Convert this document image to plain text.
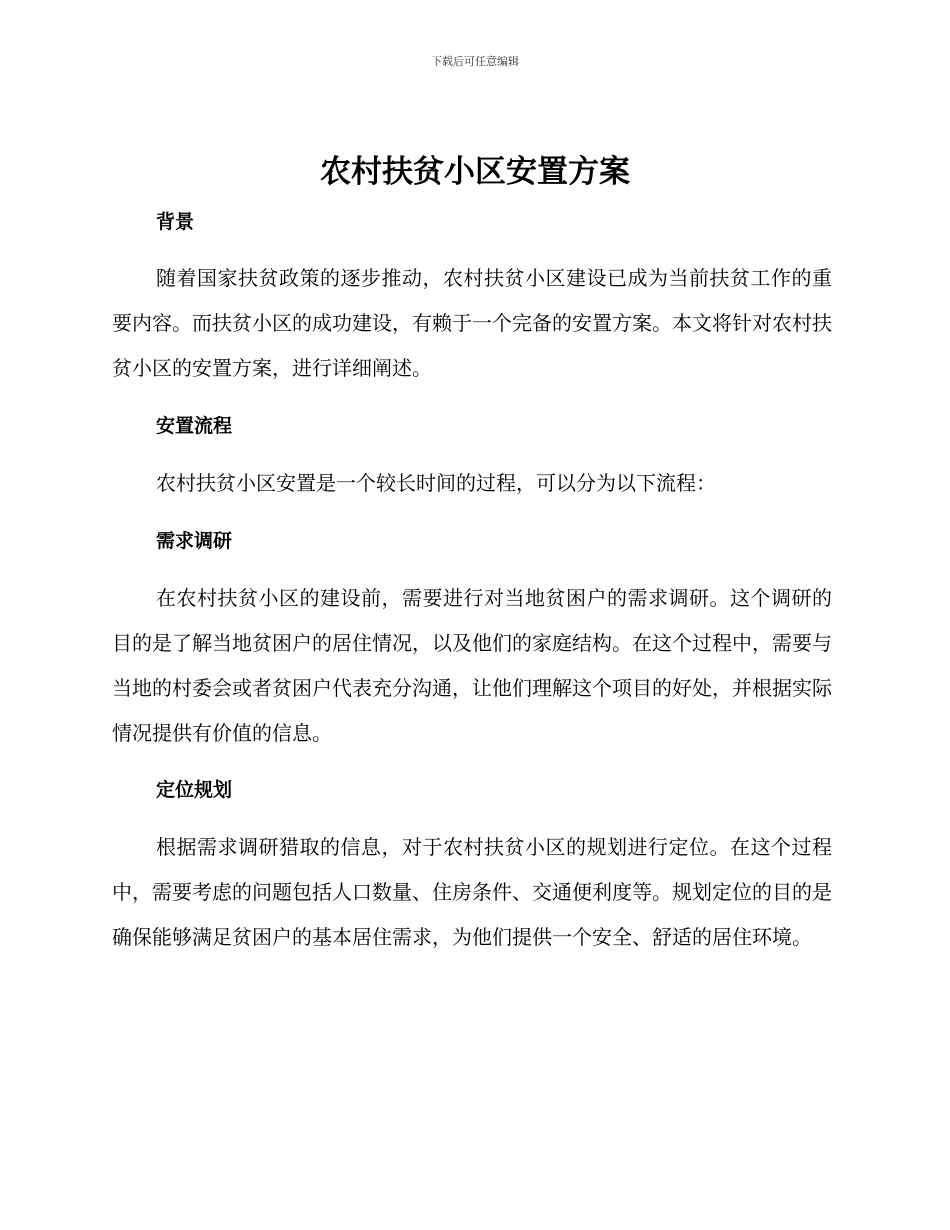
下载后可任意编辑
农村扶贫小区安置方案
背景

随着国家扶贫政策的逐步推动，农村扶贫小区建设已成为当前扶贫工作的重要内容。而扶贫小区的成功建设，有赖于一个完备的安置方案。本文将针对农村扶贫小区的安置方案，进行详细阐述。

安置流程

农村扶贫小区安置是一个较长时间的过程，可以分为以下流程：

需求调研

在农村扶贫小区的建设前，需要进行对当地贫困户的需求调研。这个调研的目的是了解当地贫困户的居住情况，以及他们的家庭结构。在这个过程中，需要与当地的村委会或者贫困户代表充分沟通，让他们理解这个项目的好处，并根据实际情况提供有价值的信息。

定位规划

根据需求调研猎取的信息，对于农村扶贫小区的规划进行定位。在这个过程中，需要考虑的问题包括人口数量、住房条件、交通便利度等。规划定位的目的是确保能够满足贫困户的基本居住需求，为他们提供一个安全、舒适的居住环境。
